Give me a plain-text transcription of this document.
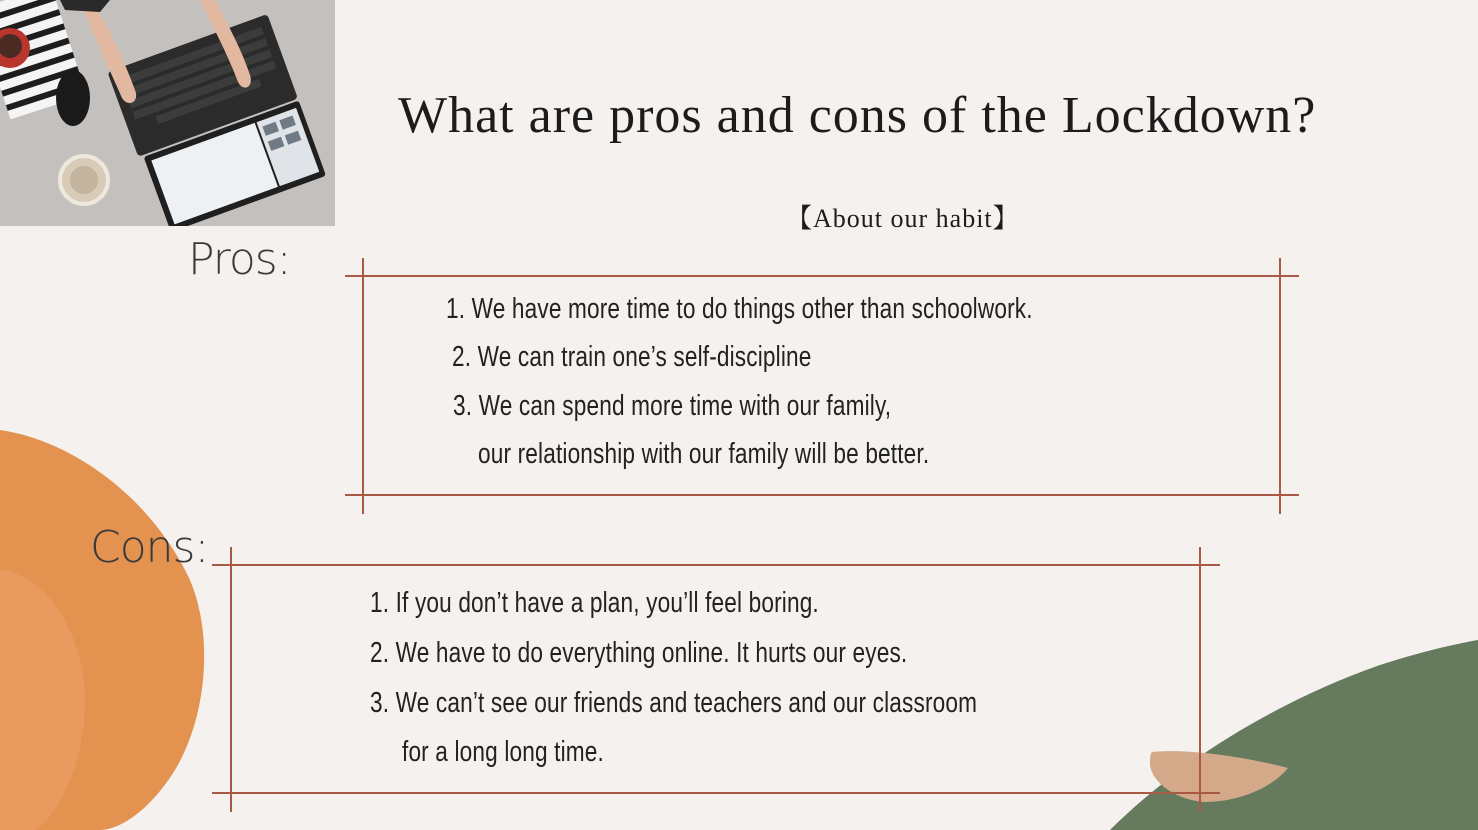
What are pros and cons of the Lockdown?
【About our habit】
Pros:
1. We have more time to do things other than schoolwork.
2. We can train one’s self-discipline
3. We can spend more time with our family,
our relationship with our family will be better.
Cons:
1. If you don’t have a plan, you’ll feel boring.
2. We have to do everything online. It hurts our eyes.
3. We can’t see our friends and teachers and our classroom
for a long long time.
